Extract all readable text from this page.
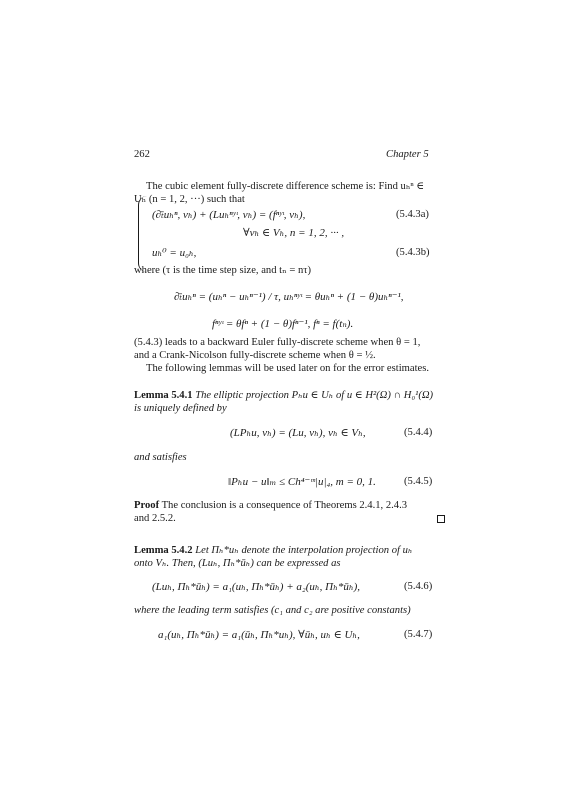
262	Chapter 5
The cubic element fully-discrete difference scheme is: Find uₕⁿ ∈
Uₕ (n = 1, 2, ···) such that
(∂̄ₜuₕⁿ, vₕ) + (Luₕⁿʸᶥ, vₕ) = (fⁿʸᶥ, vₕ),	(5.4.3a)
∀vₕ ∈ Vₕ, n = 1, 2, ··· ,
uₕ⁰ = u₀ₕ,	(5.4.3b)
where (τ is the time step size, and tₙ = nτ)
∂̄ₜuₕⁿ = (uₕⁿ − uₕⁿ⁻¹) / τ, uₕⁿʸᶥ = θuₕⁿ + (1 − θ)uₕⁿ⁻¹,
fⁿʸᶥ = θfⁿ + (1 − θ)fⁿ⁻¹, fⁿ = f(tₙ).
(5.4.3) leads to a backward Euler fully-discrete scheme when θ = 1,
and a Crank-Nicolson fully-discrete scheme when θ = ½.
The following lemmas will be used later on for the error estimates.
Lemma 5.4.1 The elliptic projection Pₕu ∈ Uₕ of u ∈ H²(Ω) ∩ H₀¹(Ω)
is uniquely defined by
(LPₕu, vₕ) = (Lu, vₕ), vₕ ∈ Vₕ,	(5.4.4)
and satisfies
‖Pₕu − u‖ₘ ≤ Ch⁴⁻ᵐ|u|₄, m = 0, 1.	(5.4.5)
Proof The conclusion is a consequence of Theorems 2.4.1, 2.4.3
and 2.5.2.
Lemma 5.4.2 Let Πₕ*uₕ denote the interpolation projection of uₕ
onto Vₕ. Then, (Luₕ, Πₕ*ūₕ) can be expressed as
(Luₕ, Πₕ*ūₕ) = a₁(uₕ, Πₕ*ūₕ) + a₂(uₕ, Πₕ*ūₕ),	(5.4.6)
where the leading term satisfies (c₁ and c₂ are positive constants)
a₁(uₕ, Πₕ*ūₕ) = a₁(ūₕ, Πₕ*uₕ), ∀ūₕ, uₕ ∈ Uₕ,	(5.4.7)
